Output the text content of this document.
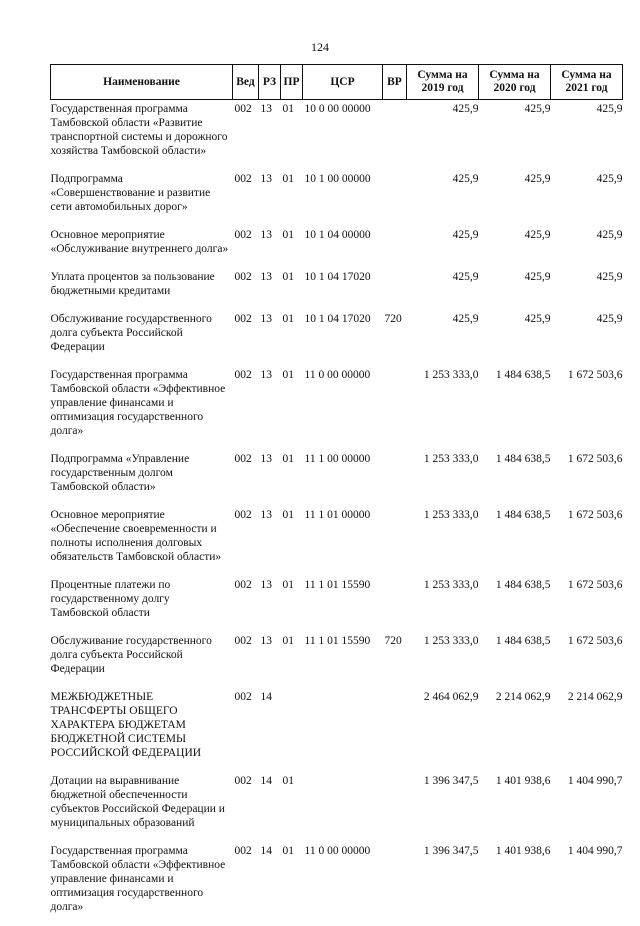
124
Наименование	Вед	РЗ	ПР	ЦСР	ВР	Сумма на 2019 год	Сумма на 2020 год	Сумма на 2021 год
Государственная программа Тамбовской области «Развитие транспортной системы и дорожного хозяйства Тамбовской области»	002	13	01	10 0 00 00000		425,9	425,9	425,9
Подпрограмма «Совершенствование и развитие сети автомобильных дорог»	002	13	01	10 1 00 00000		425,9	425,9	425,9
Основное мероприятие «Обслуживание внутреннего долга»	002	13	01	10 1 04 00000		425,9	425,9	425,9
Уплата процентов за пользование бюджетными кредитами	002	13	01	10 1 04 17020		425,9	425,9	425,9
Обслуживание государственного долга субъекта Российской Федерации	002	13	01	10 1 04 17020	720	425,9	425,9	425,9
Государственная программа Тамбовской области «Эффективное управление финансами и оптимизация государственного долга»	002	13	01	11 0 00 00000		1 253 333,0	1 484 638,5	1 672 503,6
Подпрограмма «Управление государственным долгом Тамбовской области»	002	13	01	11 1 00 00000		1 253 333,0	1 484 638,5	1 672 503,6
Основное мероприятие «Обеспечение своевременности и полноты исполнения долговых обязательств Тамбовской области»	002	13	01	11 1 01 00000		1 253 333,0	1 484 638,5	1 672 503,6
Процентные платежи по государственному долгу Тамбовской области	002	13	01	11 1 01 15590		1 253 333,0	1 484 638,5	1 672 503,6
Обслуживание государственного долга субъекта Российской Федерации	002	13	01	11 1 01 15590	720	1 253 333,0	1 484 638,5	1 672 503,6
МЕЖБЮДЖЕТНЫЕ ТРАНСФЕРТЫ ОБЩЕГО ХАРАКТЕРА БЮДЖЕТАМ БЮДЖЕТНОЙ СИСТЕМЫ РОССИЙСКОЙ ФЕДЕРАЦИИ	002	14				2 464 062,9	2 214 062,9	2 214 062,9
Дотации на выравнивание бюджетной обеспеченности субъектов Российской Федерации и муниципальных образований	002	14	01			1 396 347,5	1 401 938,6	1 404 990,7
Государственная программа Тамбовской области «Эффективное управление финансами и оптимизация государственного долга»	002	14	01	11 0 00 00000		1 396 347,5	1 401 938,6	1 404 990,7
